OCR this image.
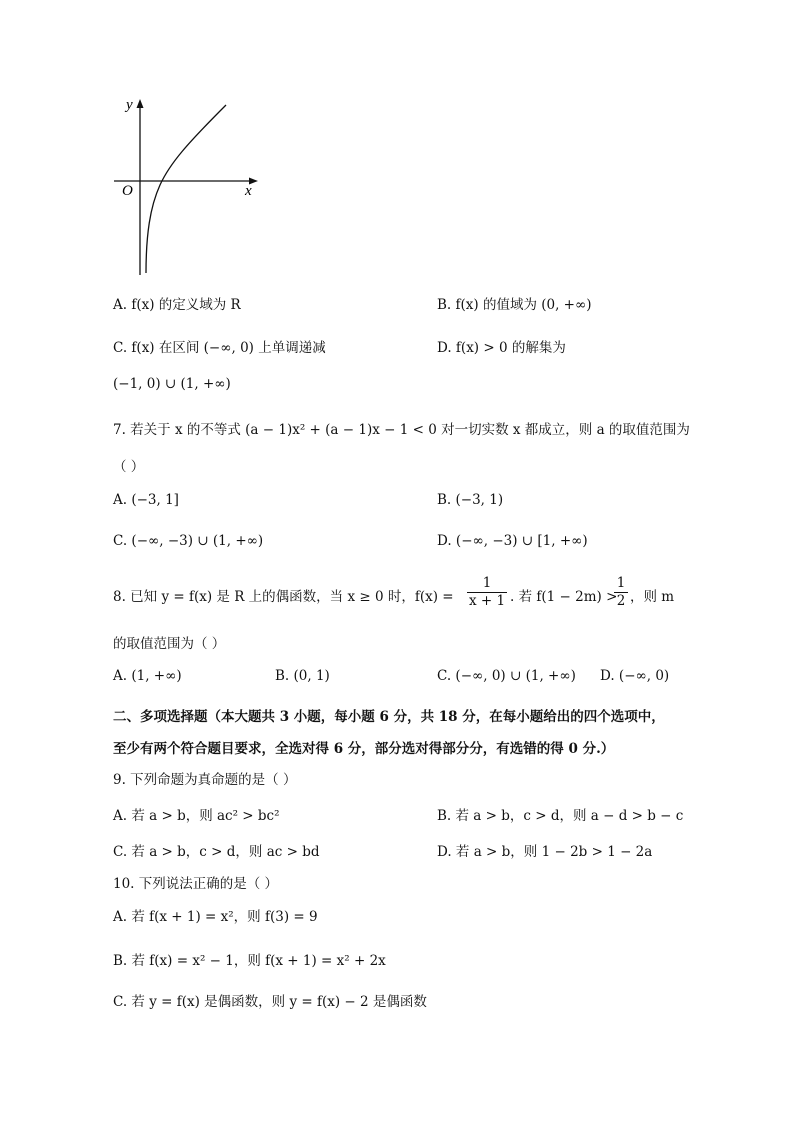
y
x
O
A. f(x) 的定义域为 R	B. f(x) 的值域为 (0, +∞)
C. f(x) 在区间 (−∞, 0) 上单调递减	D. f(x) > 0 的解集为
(−1, 0) ∪ (1, +∞)
7. 若关于 x 的不等式 (a − 1)x² + (a − 1)x − 1 < 0 对一切实数 x 都成立，则 a 的取值范围为
（ ）
A. (−3, 1]	B. (−3, 1)
C. (−∞, −3) ∪ (1, +∞)	D. (−∞, −3) ∪ [1, +∞)
8. 已知 y = f(x) 是 R 上的偶函数，当 x ≥ 0 时，$f(x) = \frac{1}{x + 1}$ . 若 f(1 − 2m) >
$\frac{1}{2}$ ，则 m
的取值范围为（ ）
A. (1, +∞)	B. (0, 1)	C. (−∞, 0) ∪ (1, +∞) D. (−∞, 0)
二、多项选择题（本大题共 3 小题，每小题 6 分，共 18 分，在每小题给出的四个选项中，
至少有两个符合题目要求，全选对得 6 分，部分选对得部分分，有选错的得 0 分.）
9. 下列命题为真命题的是（ ）
A. 若 a > b，则 ac² > bc²	B. 若 a > b，c > d，则 a − d > b − c
C. 若 a > b，c > d，则 ac > bd	D. 若 a > b，则 1 − 2b > 1 − 2a
10. 下列说法正确的是（ ）
A. 若 f(x + 1) = x²，则 f(3) = 9
B. 若 f(x) = x² − 1，则 f(x + 1) = x² + 2x
C. 若 y = f(x) 是偶函数，则 y = f(x) − 2 是偶函数
